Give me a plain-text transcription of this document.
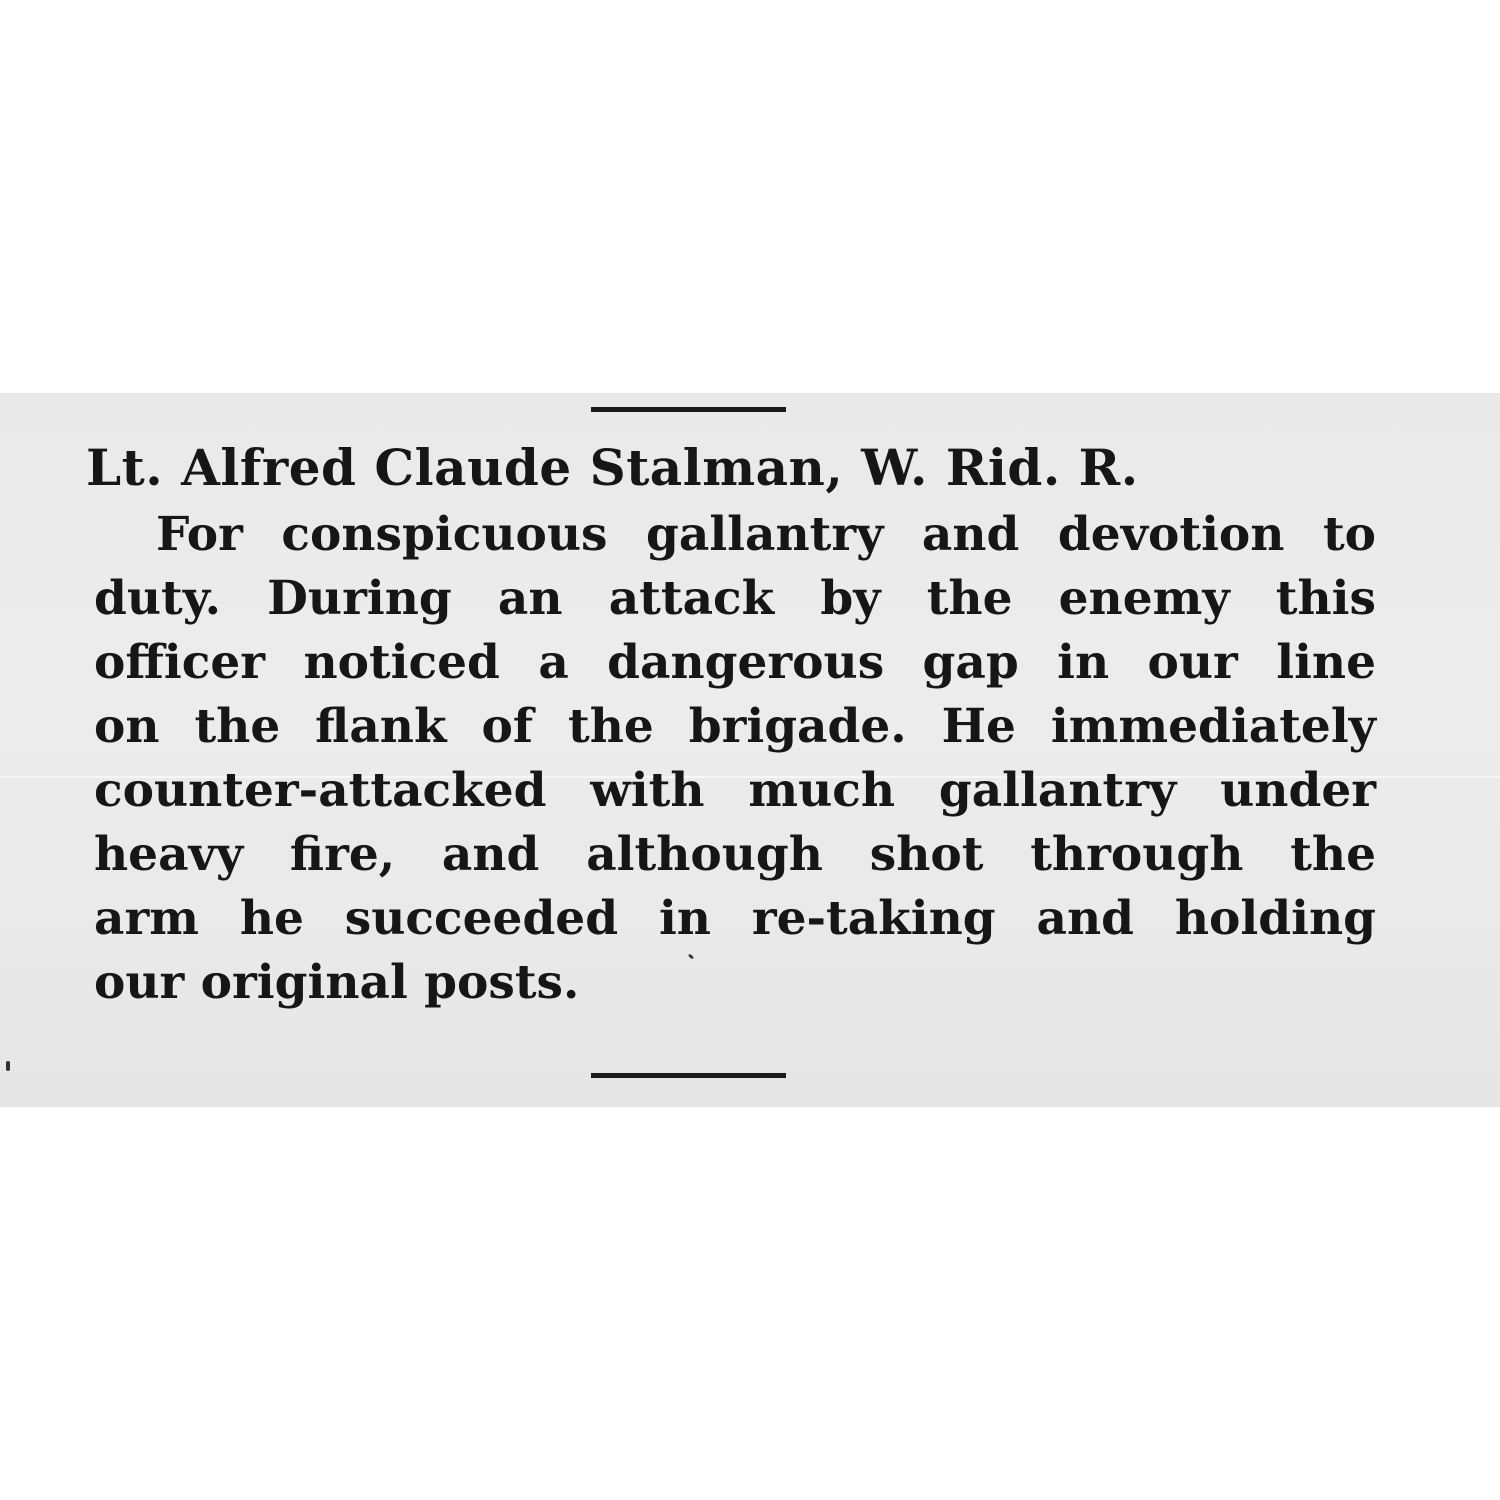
Lt. Alfred Claude Stalman, W. Rid. R.
For conspicuous gallantry and devotion to
duty. During an attack by the enemy this
officer noticed a dangerous gap in our line
on the flank of the brigade. He immediately
counter-attacked with much gallantry under
heavy fire, and although shot through the
arm he succeeded in re-taking and holding
our original posts.
